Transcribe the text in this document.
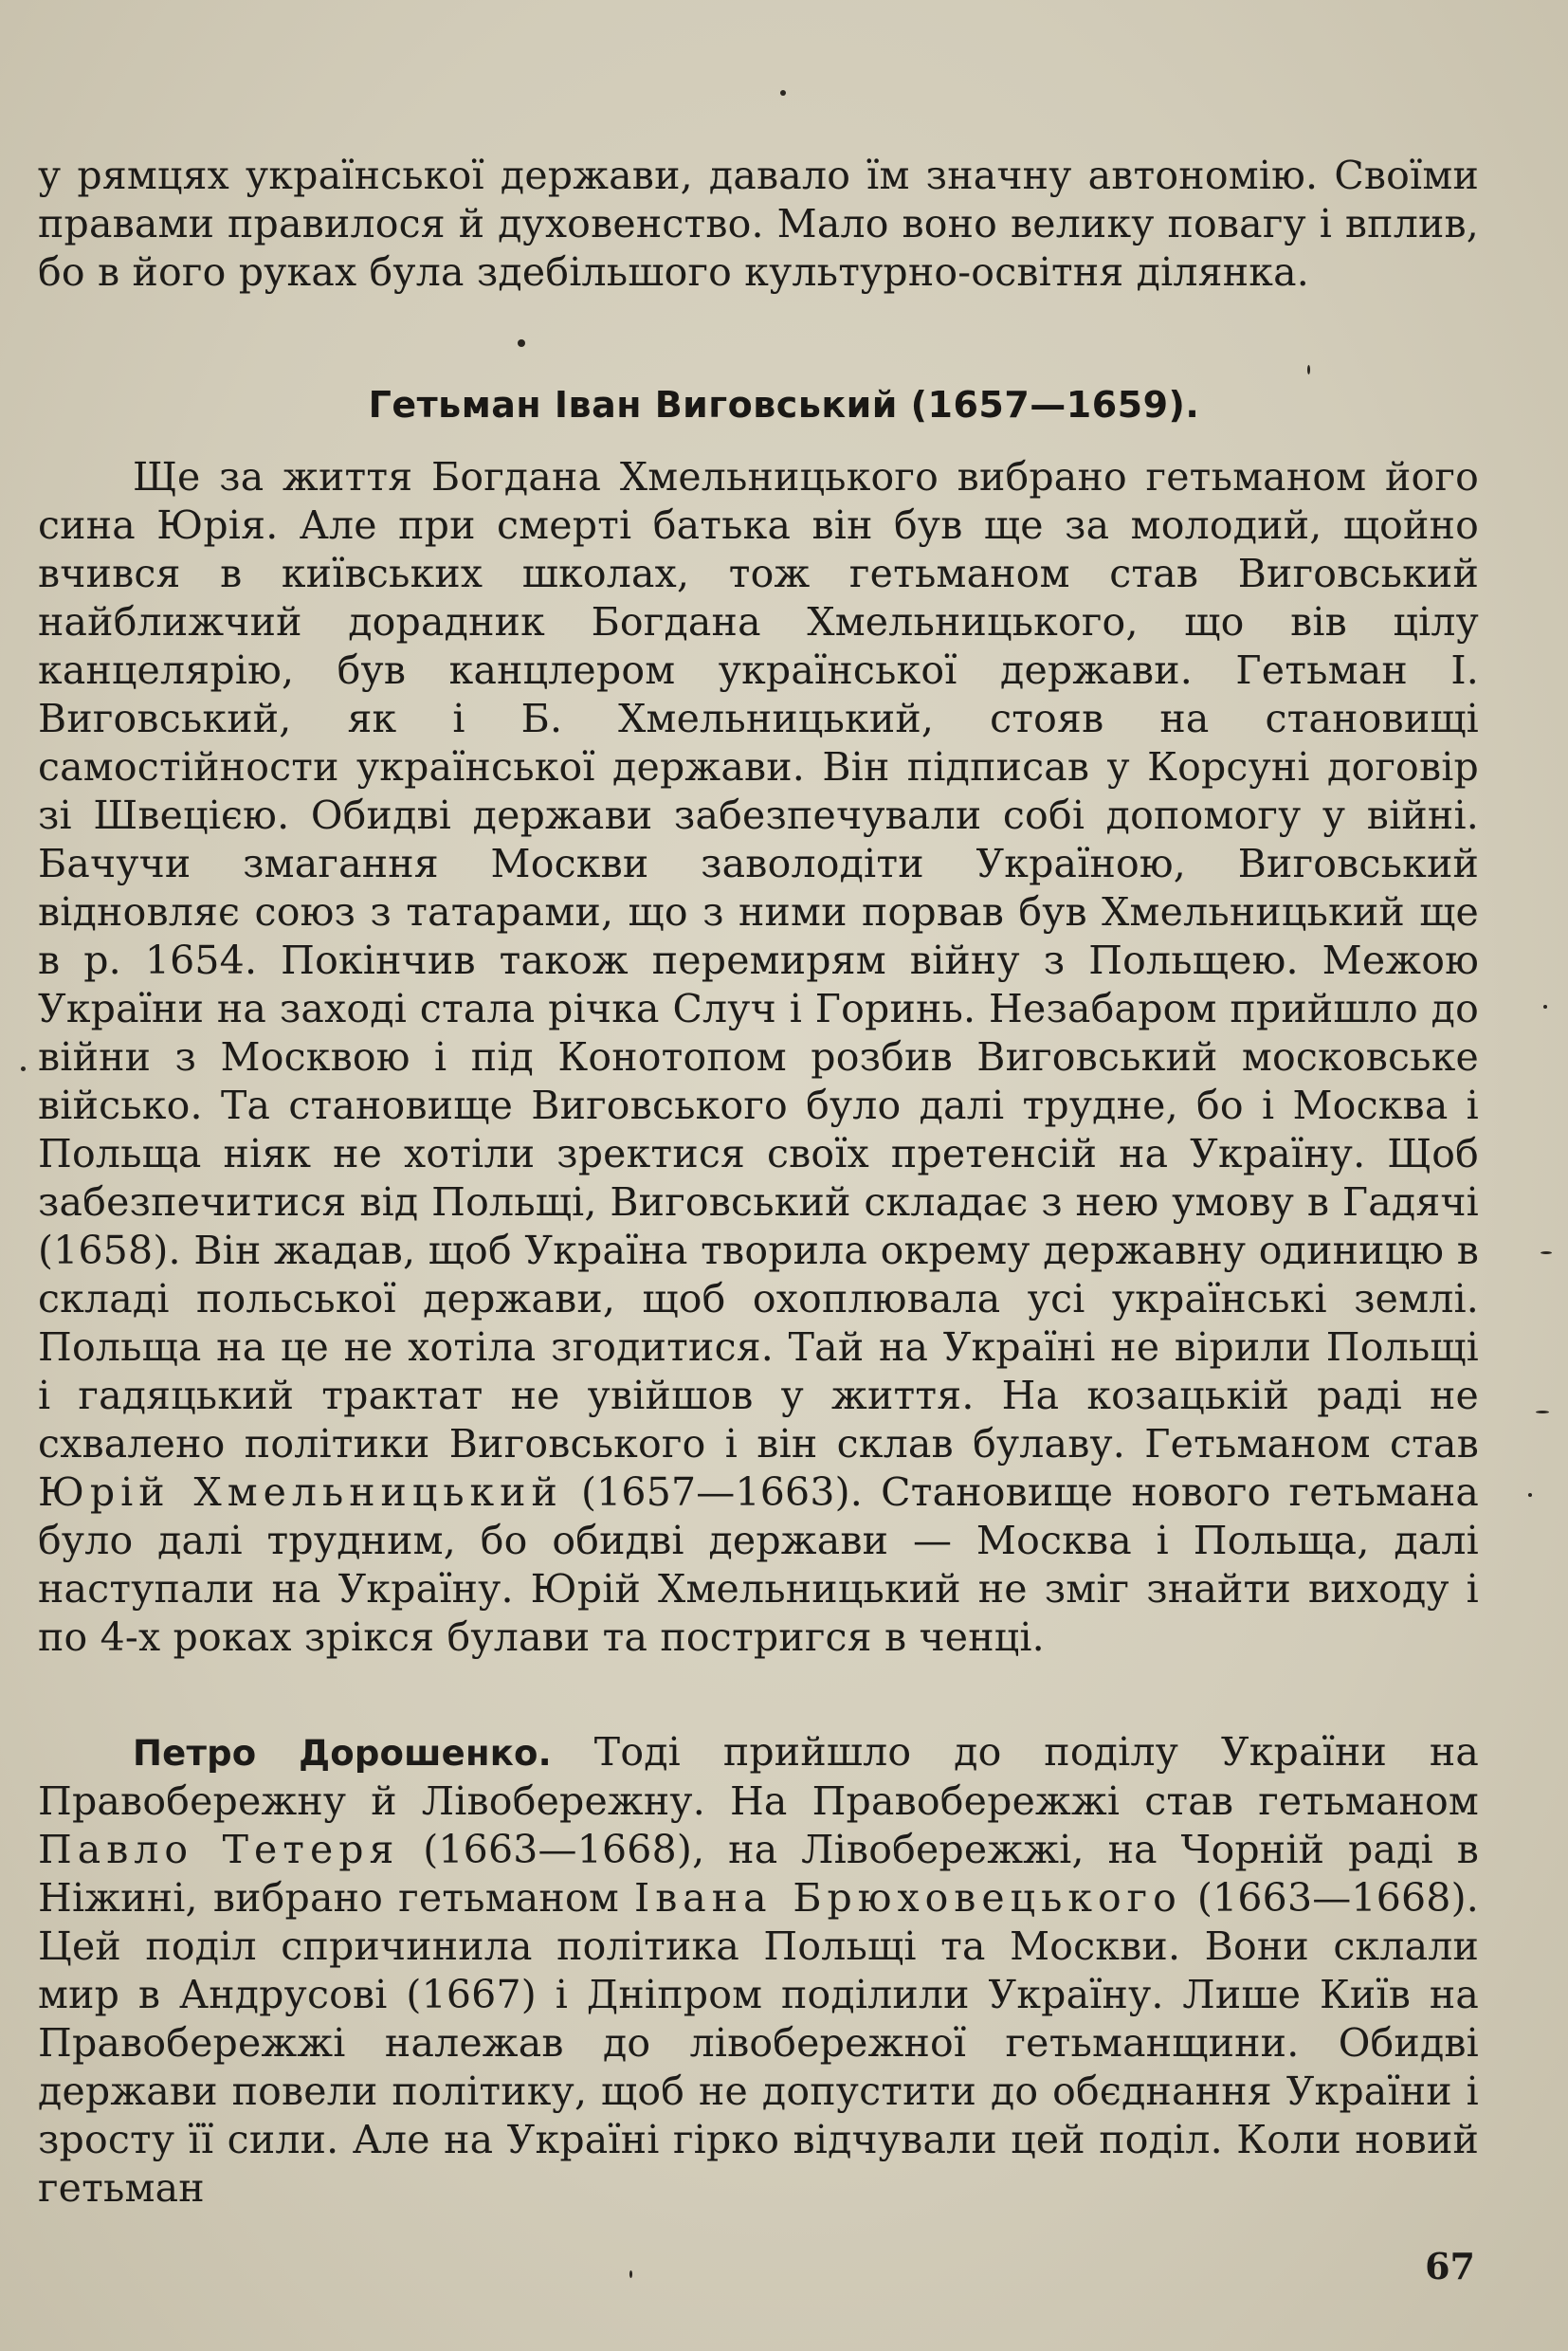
у рямцях української держави, давало їм значну автономію. Своїми правами правилося й духовенство. Мало воно велику повагу і вплив, бо в його руках була здебільшого культурно-освітня ділянка.

Гетьман Іван Виговський (1657—1659).

Ще за життя Богдана Хмельницького вибрано гетьманом його сина Юрія. Але при смерті батька він був ще за молодий, щойно вчився в київських школах, тож гетьманом став Виговський найближчий дорадник Богдана Хмельницького, що вів цілу канцелярію, був канцлером української держави. Гетьман І. Виговський, як і Б. Хмельницький, стояв на становищі самостійности української держави. Він підписав у Корсуні договір зі Швецією. Обидві держави забезпечували собі допомогу у війні. Бачучи змагання Москви заволодіти Україною, Виговський відновляє союз з татарами, що з ними порвав був Хмельницький ще в р. 1654. Покінчив також перемирям війну з Польщею. Межою України на заході стала річка Случ і Горинь. Незабаром прийшло до війни з Москвою і під Конотопом розбив Виговський московське військо. Та становище Виговського було далі трудне, бо і Москва і Польща ніяк не хотіли зректися своїх претенсій на Україну. Щоб забезпечитися від Польщі, Виговський складає з нею умову в Гадячі (1658). Він жадав, щоб Україна творила окрему державну одиницю в складі польської держави, щоб охоплювала усі українські землі. Польща на це не хотіла згодитися. Тай на Україні не вірили Польщі і гадяцький трактат не увійшов у життя. На козацькій раді не схвалено політики Виговського і він склав булаву. Гетьманом став Юрій Хмельницький (1657—1663). Становище нового гетьмана було далі трудним, бо обидві держави — Москва і Польща, далі наступали на Україну. Юрій Хмельницький не зміг знайти виходу і по 4-х роках зрікся булави та постригся в ченці.

Петро Дорошенко. Тоді прийшло до поділу України на Правобережну й Лівобережну. На Правобережжі став гетьманом Павло Тетеря (1663—1668), на Лівобережжі, на Чорній раді в Ніжині, вибрано гетьманом Івана Брюховецького (1663—1668). Цей поділ спричинила політика Польщі та Москви. Вони склали мир в Андрусові (1667) і Дніпром поділили Україну. Лише Київ на Правобережжі належав до лівобережної гетьманщини. Обидві держави повели політику, щоб не допустити до обєднання України і зросту її сили. Але на Україні гірко відчували цей поділ. Коли новий гетьман

67
